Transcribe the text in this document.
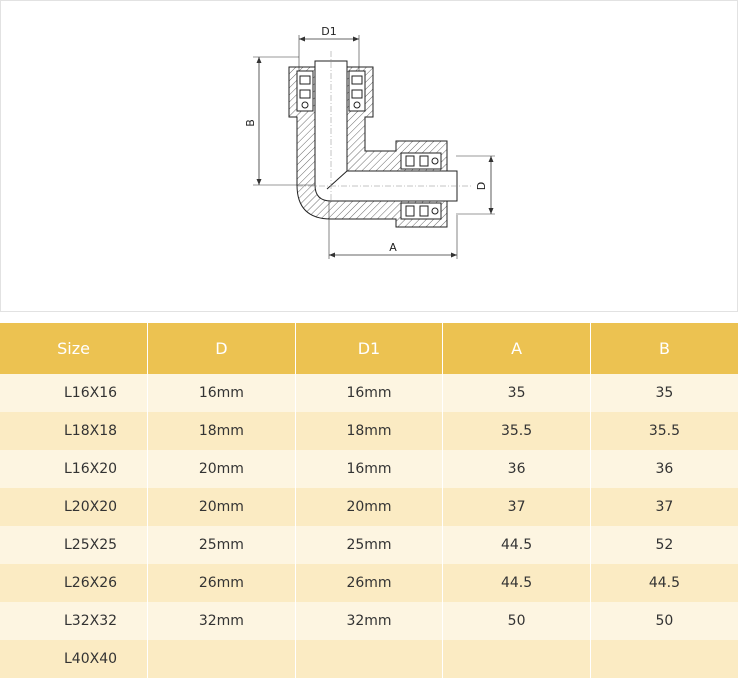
D1
B
D
A
Size	D	D1	A	B
L16X16	16mm	16mm	35	35
L18X18	18mm	18mm	35.5	35.5
L16X20	20mm	16mm	36	36
L20X20	20mm	20mm	37	37
L25X25	25mm	25mm	44.5	52
L26X26	26mm	26mm	44.5	44.5
L32X32	32mm	32mm	50	50
L40X40				
